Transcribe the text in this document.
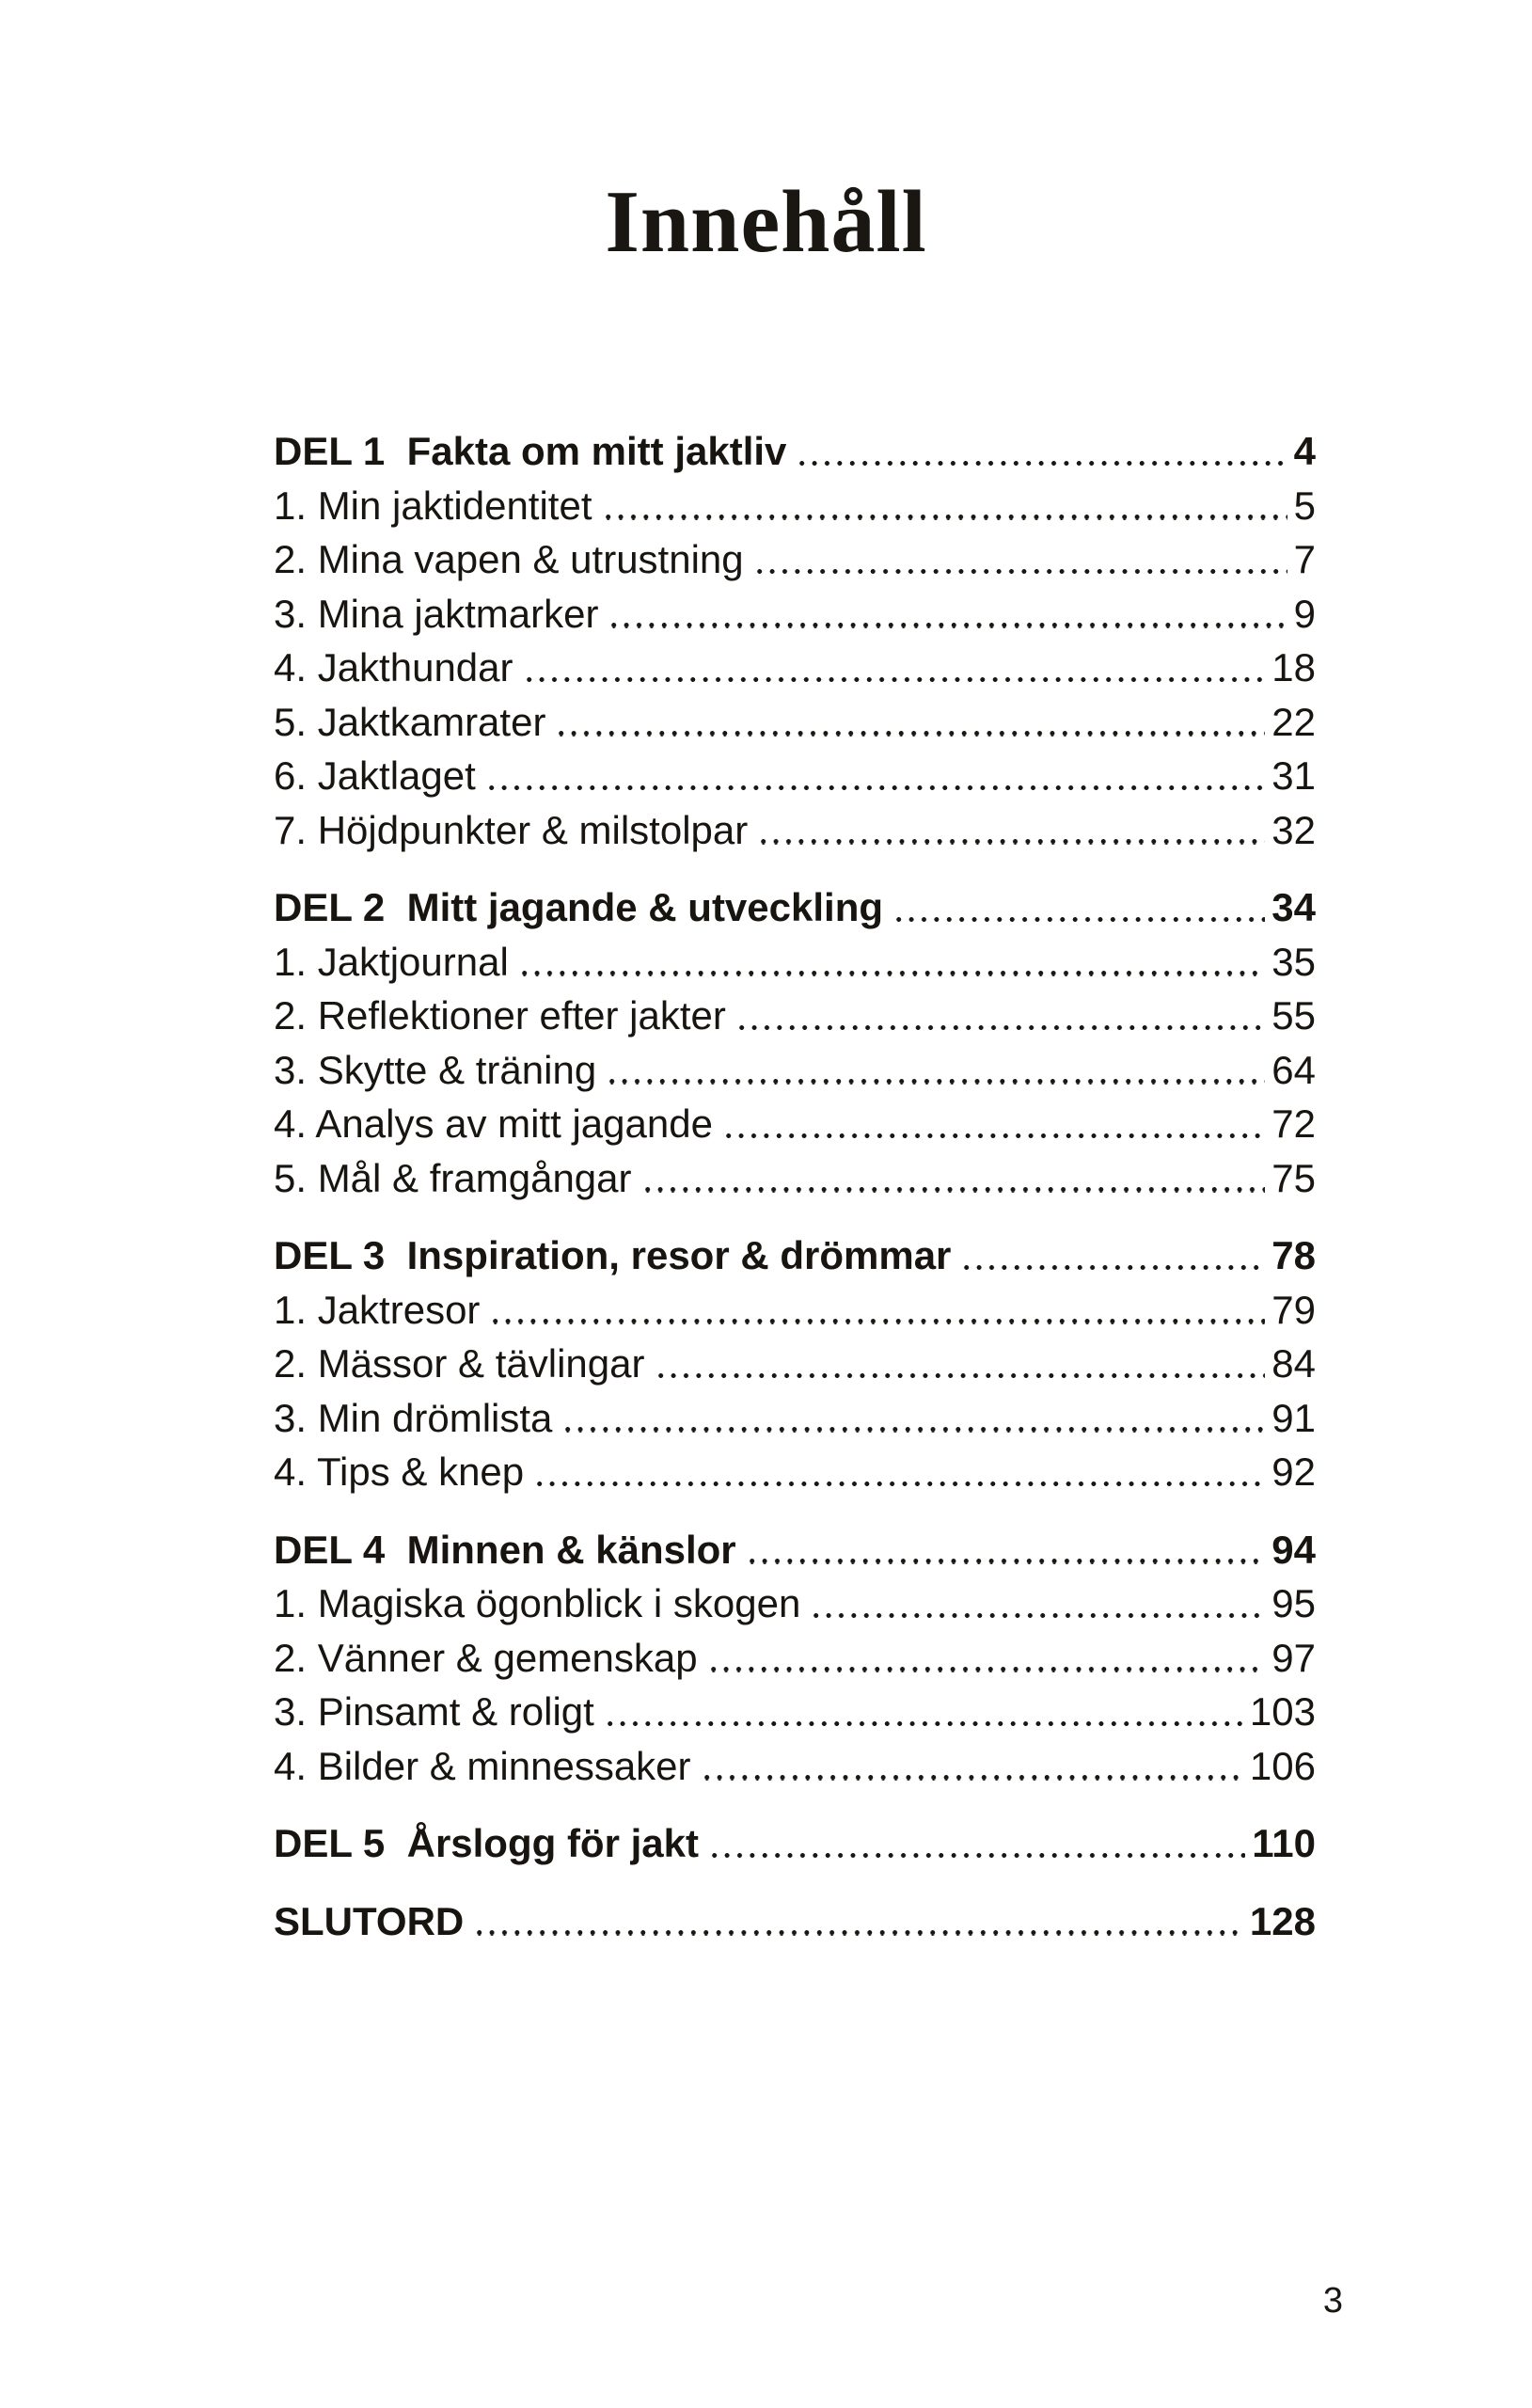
Innehåll
DEL 1  Fakta om mitt jaktliv	4
1. Min jaktidentitet	5
2. Mina vapen & utrustning	7
3. Mina jaktmarker	9
4. Jakthundar	18
5. Jaktkamrater	22
6. Jaktlaget	31
7. Höjdpunkter & milstolpar	32
DEL 2  Mitt jagande & utveckling	34
1. Jaktjournal	35
2. Reflektioner efter jakter	55
3. Skytte & träning	64
4. Analys av mitt jagande	72
5. Mål & framgångar	75
DEL 3  Inspiration, resor & drömmar	78
1. Jaktresor	79
2. Mässor & tävlingar	84
3. Min drömlista	91
4. Tips & knep	92
DEL 4  Minnen & känslor	94
1. Magiska ögonblick i skogen	95
2. Vänner & gemenskap	97
3. Pinsamt & roligt	103
4. Bilder & minnessaker	106
DEL 5  Årslogg för jakt	110
SLUTORD	128
3
